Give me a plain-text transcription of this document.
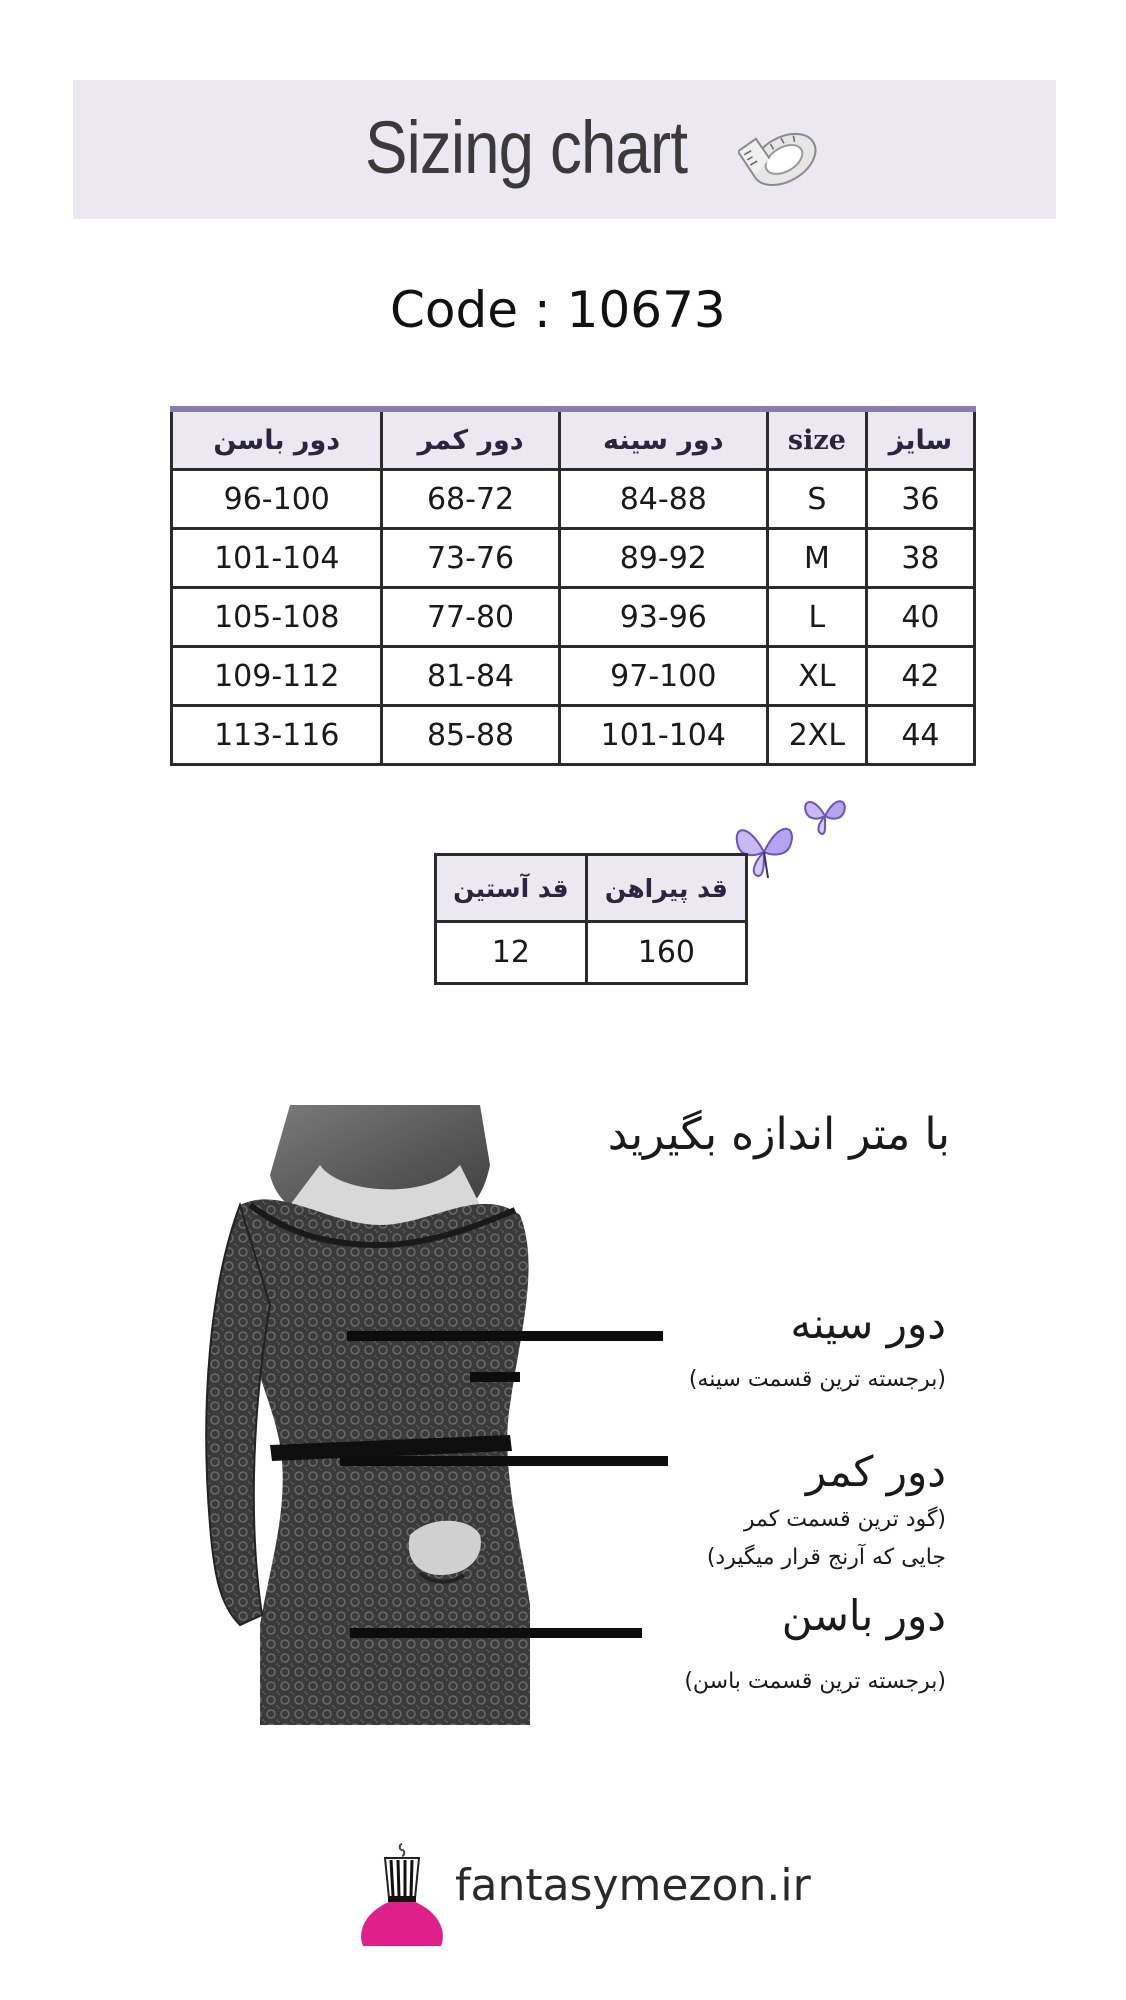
Sizing chart
Code : 10673
دور باسن	دور کمر	دور سینه	size	سایز
96-100	68-72	84-88	S	36
101-104	73-76	89-92	M	38
105-108	77-80	93-96	L	40
109-112	81-84	97-100	XL	42
113-116	85-88	101-104	2XL	44
قد آستین	قد پیراهن
12	160
با متر اندازه بگیرید
دور سینه
(برجسته ترین قسمت سینه)
دور کمر
(گود ترین قسمت کمر
جایی که آرنج قرار میگیرد)
دور باسن
(برجسته ترین قسمت باسن)
fantasymezon.ir
